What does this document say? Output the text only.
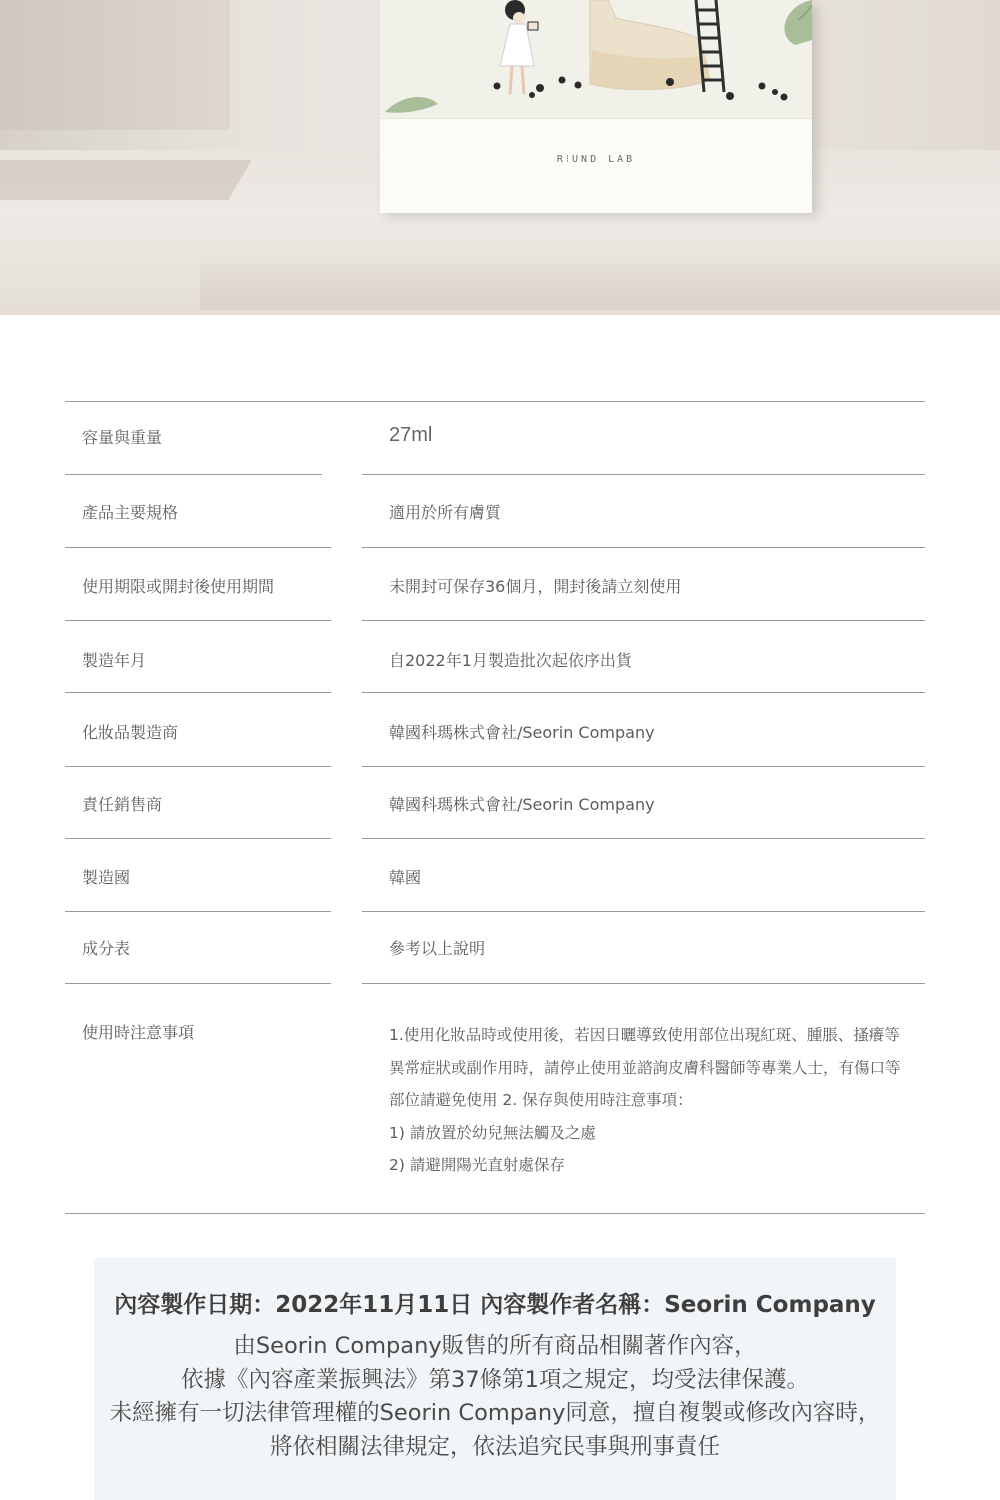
R⁝UND LAB
容量與重量	27ml
產品主要規格	適用於所有膚質
使用期限或開封後使用期間	未開封可保存36個月，開封後請立刻使用
製造年月	自2022年1月製造批次起依序出貨
化妝品製造商	韓國科瑪株式會社/Seorin Company
責任銷售商	韓國科瑪株式會社/Seorin Company
製造國	韓國
成分表	參考以上說明
使用時注意事項	1.使用化妝品時或使用後，若因日曬導致使用部位出現紅斑、腫脹、搔癢等
異常症狀或副作用時，請停止使用並諮詢皮膚科醫師等專業人士，有傷口等
部位請避免使用 2. 保存與使用時注意事項：
1) 請放置於幼兒無法觸及之處
2) 請避開陽光直射處保存
內容製作日期：2022年11月11日 內容製作者名稱：Seorin Company
由Seorin Company販售的所有商品相關著作內容，
依據《內容產業振興法》第37條第1項之規定，均受法律保護。
未經擁有一切法律管理權的Seorin Company同意，擅自複製或修改內容時，
將依相關法律規定，依法追究民事與刑事責任
